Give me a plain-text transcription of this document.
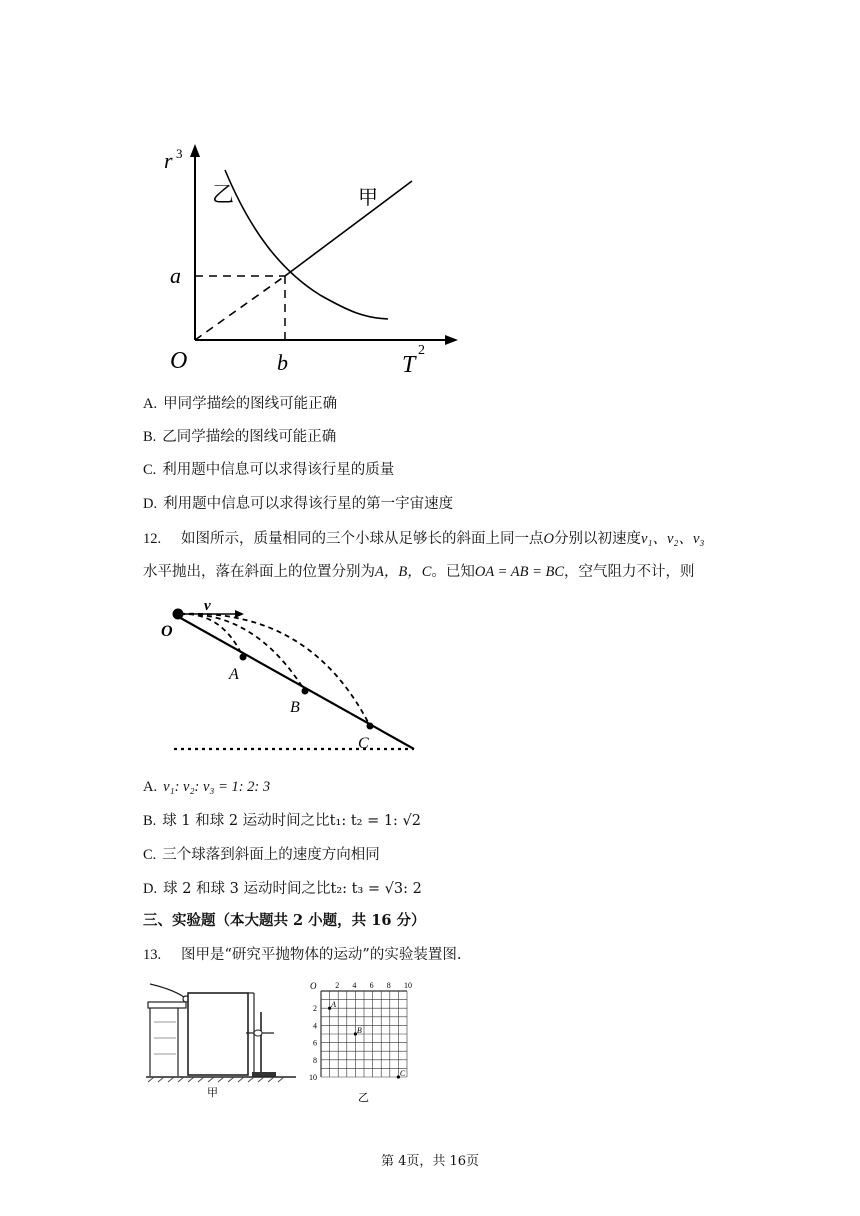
r 3
T
2
O
a
b
乙	甲
A. 甲同学描绘的图线可能正确
B. 乙同学描绘的图线可能正确
C. 利用题中信息可以求得该行星的质量
D. 利用题中信息可以求得该行星的第一宇宙速度
12. 如图所示，质量相同的三个小球从足够长的斜面上同一点O分别以初速度v₁、v₂、v₃
水平抛出，落在斜面上的位置分别为A，B，C。已知OA = AB = BC，空气阻力不计，则
v
O
A
B
C
A. v₁: v₂: v₃ = 1: 2: 3
B. 球 1 和球 2 运动时间之比t₁: t₂ = 1: √2
C. 三个球落到斜面上的速度方向相同
D. 球 2 和球 3 运动时间之比t₂: t₃ = √3: 2
三、实验题（本大题共 2 小题，共 16 分）
13. 图甲是“研究平抛物体的运动”的实验装置图.
甲
O 2 4 6 8 10
2
4
6
8
10
A
B
C
乙
第 4页，共 16页
